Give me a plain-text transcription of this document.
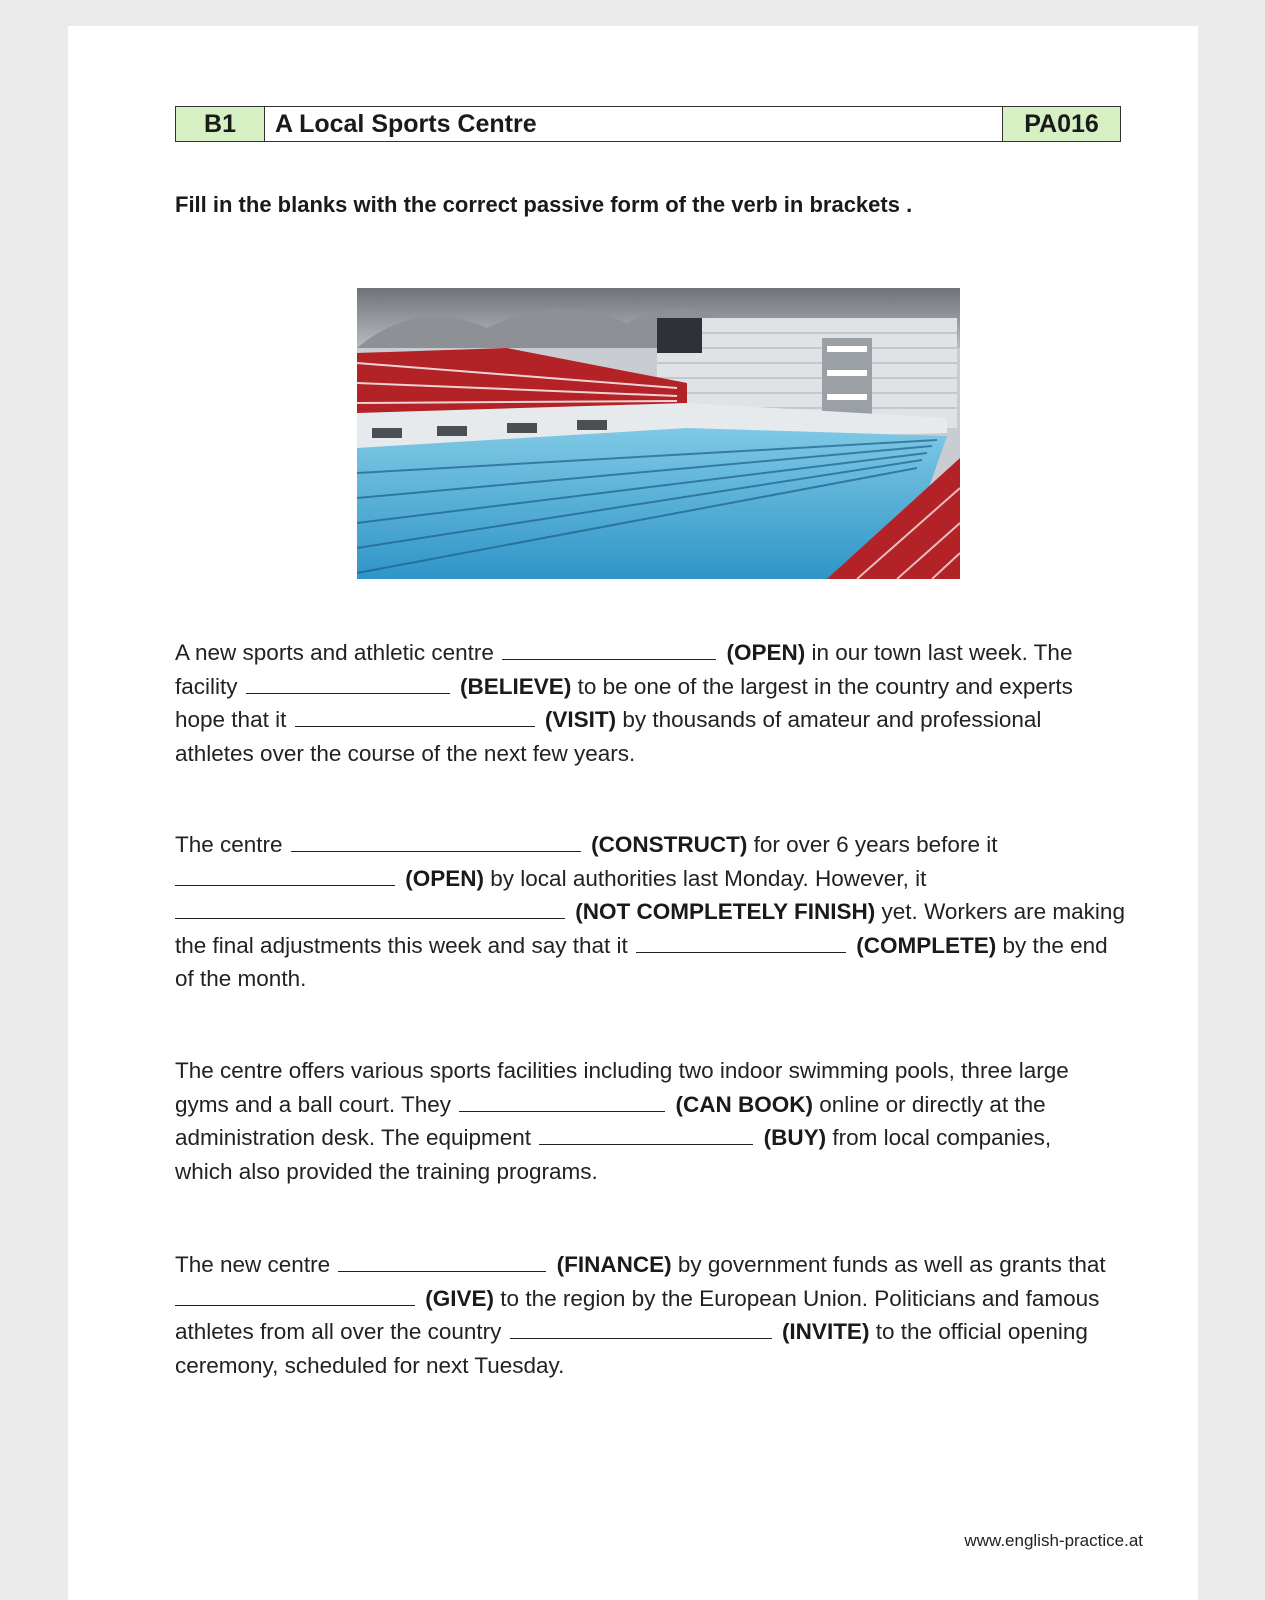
B1	A Local Sports Centre	PA016
Fill in the blanks with the correct passive form of the verb in brackets .
A new sports and athletic centre	(OPEN) in our town last week. The
facility	(BELIEVE) to be one of the largest in the country and experts
hope that it	(VISIT) by thousands of amateur and professional
athletes over the course of the next few years.
The centre	(CONSTRUCT) for over 6 years before it
(OPEN) by local authorities last Monday. However, it
(NOT COMPLETELY FINISH) yet. Workers are making
the final adjustments this week and say that it	(COMPLETE) by the end
of the month.
The centre offers various sports facilities including two indoor swimming pools, three large
gyms and a ball court. They	(CAN BOOK) online or directly at the
administration desk. The equipment	(BUY) from local companies,
which also provided the training programs.
The new centre	(FINANCE) by government funds as well as grants that
(GIVE) to the region by the European Union. Politicians and famous
athletes from all over the country	(INVITE) to the official opening
ceremony, scheduled for next Tuesday.
www.english-practice.at
